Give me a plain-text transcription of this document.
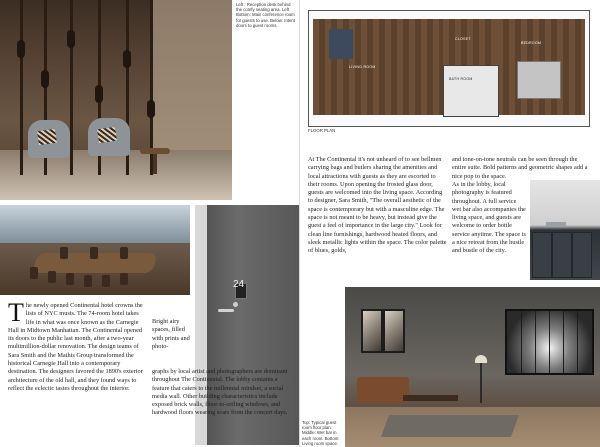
Left : Reception desk behind the comfy seating area. Left Bottom: Main conference room for guests to use. Below: Intent doors to guest rooms.
24
The newly opened Continental hotel crowns the lists of NYC musts. The 74-room hotel takes life in what was once known as the Carnegie Hall in Midtown Manhattan. The Continental opened its doors to the public last month, after a two-year multimillion-dollar renovation. The design teams of Sara Smith and the Mathis Group transformed the historical Carnegie Hall into a contemporary destination. The designers favored the 1890's exterior architecture of the old hall, and they found ways to reflect the eclectic tastes throughout the interior.
Bright airy spaces, filled with prints and photo-
graphs by local artist and photographers are dominant throughout The Continental. The lobby contains a feature that caters to the millennial mindset, a social media wall. Other building characteristics include exposed brick walls, floor-to-ceiling windows, and hardwood floors wearing scars from the concert days.
LIVING ROOM
CLOSET
BEDROOM
BATH ROOM
FLOOR PLAN
At The Continental it's not unheard of to see bellmen carrying bags and butlers sharing the amenities and local attractions with guests as they are escorted to their rooms. Upon opening the frosted glass door, guests are welcomed into the living space. According to designer, Sara Smith, "The overall aesthetic of the space is contemporary but with a masculine edge. The space is not meant to be heavy, but instead give the guest a feel of importance in the large city." Look for clean line furnishings, hardwood heated floors, and sleek metallic lights within the space. The color palette of blues, golds,
and tone-on-tone neutrals can be seen through the entire suite. Bold patterns and geometric shapes add a nice pop to the space.
As in the lobby, local photography is featured throughout. A full service wet bar also accompanies the living space, and guests are welcome to order bottle service anytime. The space is a nice retreat from the hustle and bustle of the city.
Top: Typical guest room floor plan. Middle: Wet bar in each room. Bottom: Living room space.
